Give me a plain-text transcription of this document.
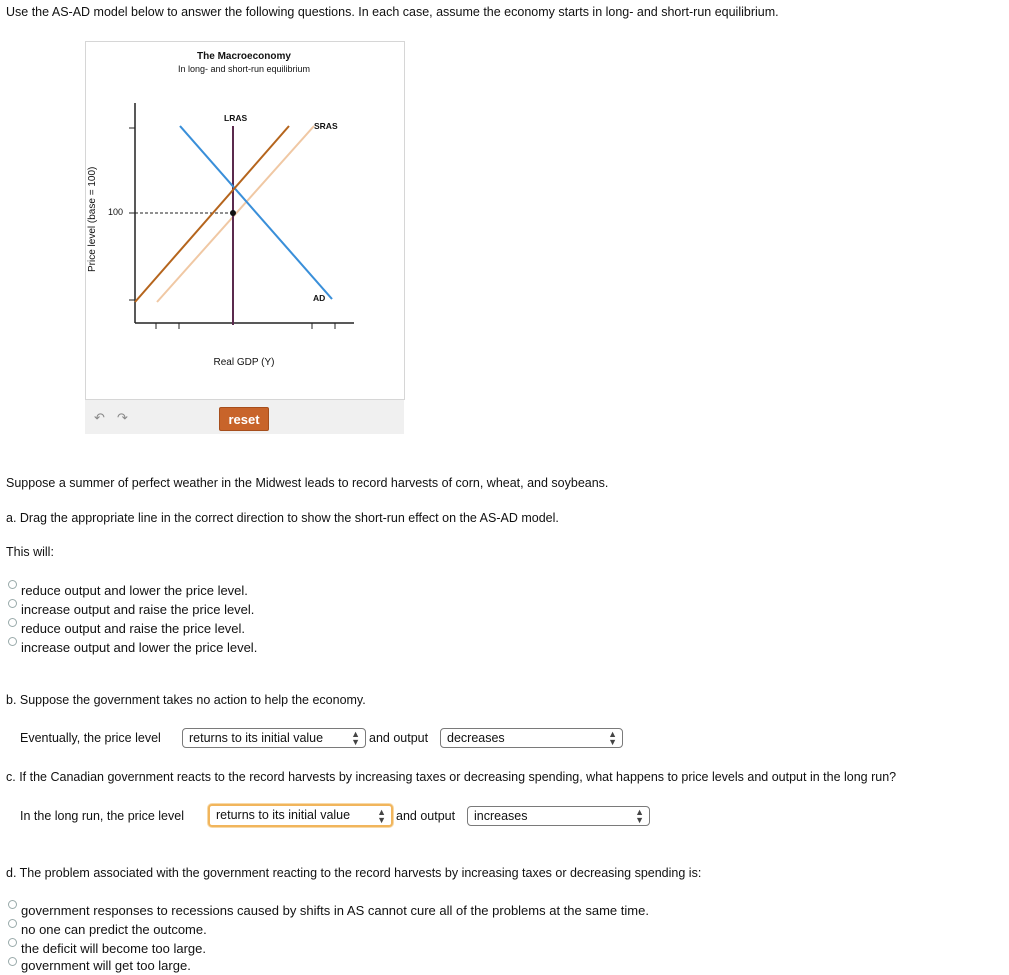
Use the AS-AD model below to answer the following questions. In each case, assume the economy starts in long- and short-run equilibrium.
The Macroeconomy
In long- and short-run equilibrium
Price level (base = 100) 100
LRAS
SRAS
AD
Real GDP (Y)
↶ ↷	reset
Suppose a summer of perfect weather in the Midwest leads to record harvests of corn, wheat, and soybeans.
a. Drag the appropriate line in the correct direction to show the short-run effect on the AS-AD model.
This will:
reduce output and lower the price level.
increase output and raise the price level.
reduce output and raise the price level.
increase output and lower the price level.
b. Suppose the government takes no action to help the economy.
Eventually, the price level	returns to its initial value	▲
▼ and output	decreases	▲
▼
c. If the Canadian government reacts to the record harvests by increasing taxes or decreasing spending, what happens to price levels and output in the long run?
In the long run, the price level	returns to its initial value	▲
▼ and output	increases	▲
▼
d. The problem associated with the government reacting to the record harvests by increasing taxes or decreasing spending is:
government responses to recessions caused by shifts in AS cannot cure all of the problems at the same time.
no one can predict the outcome.
the deficit will become too large.
government will get too large.
